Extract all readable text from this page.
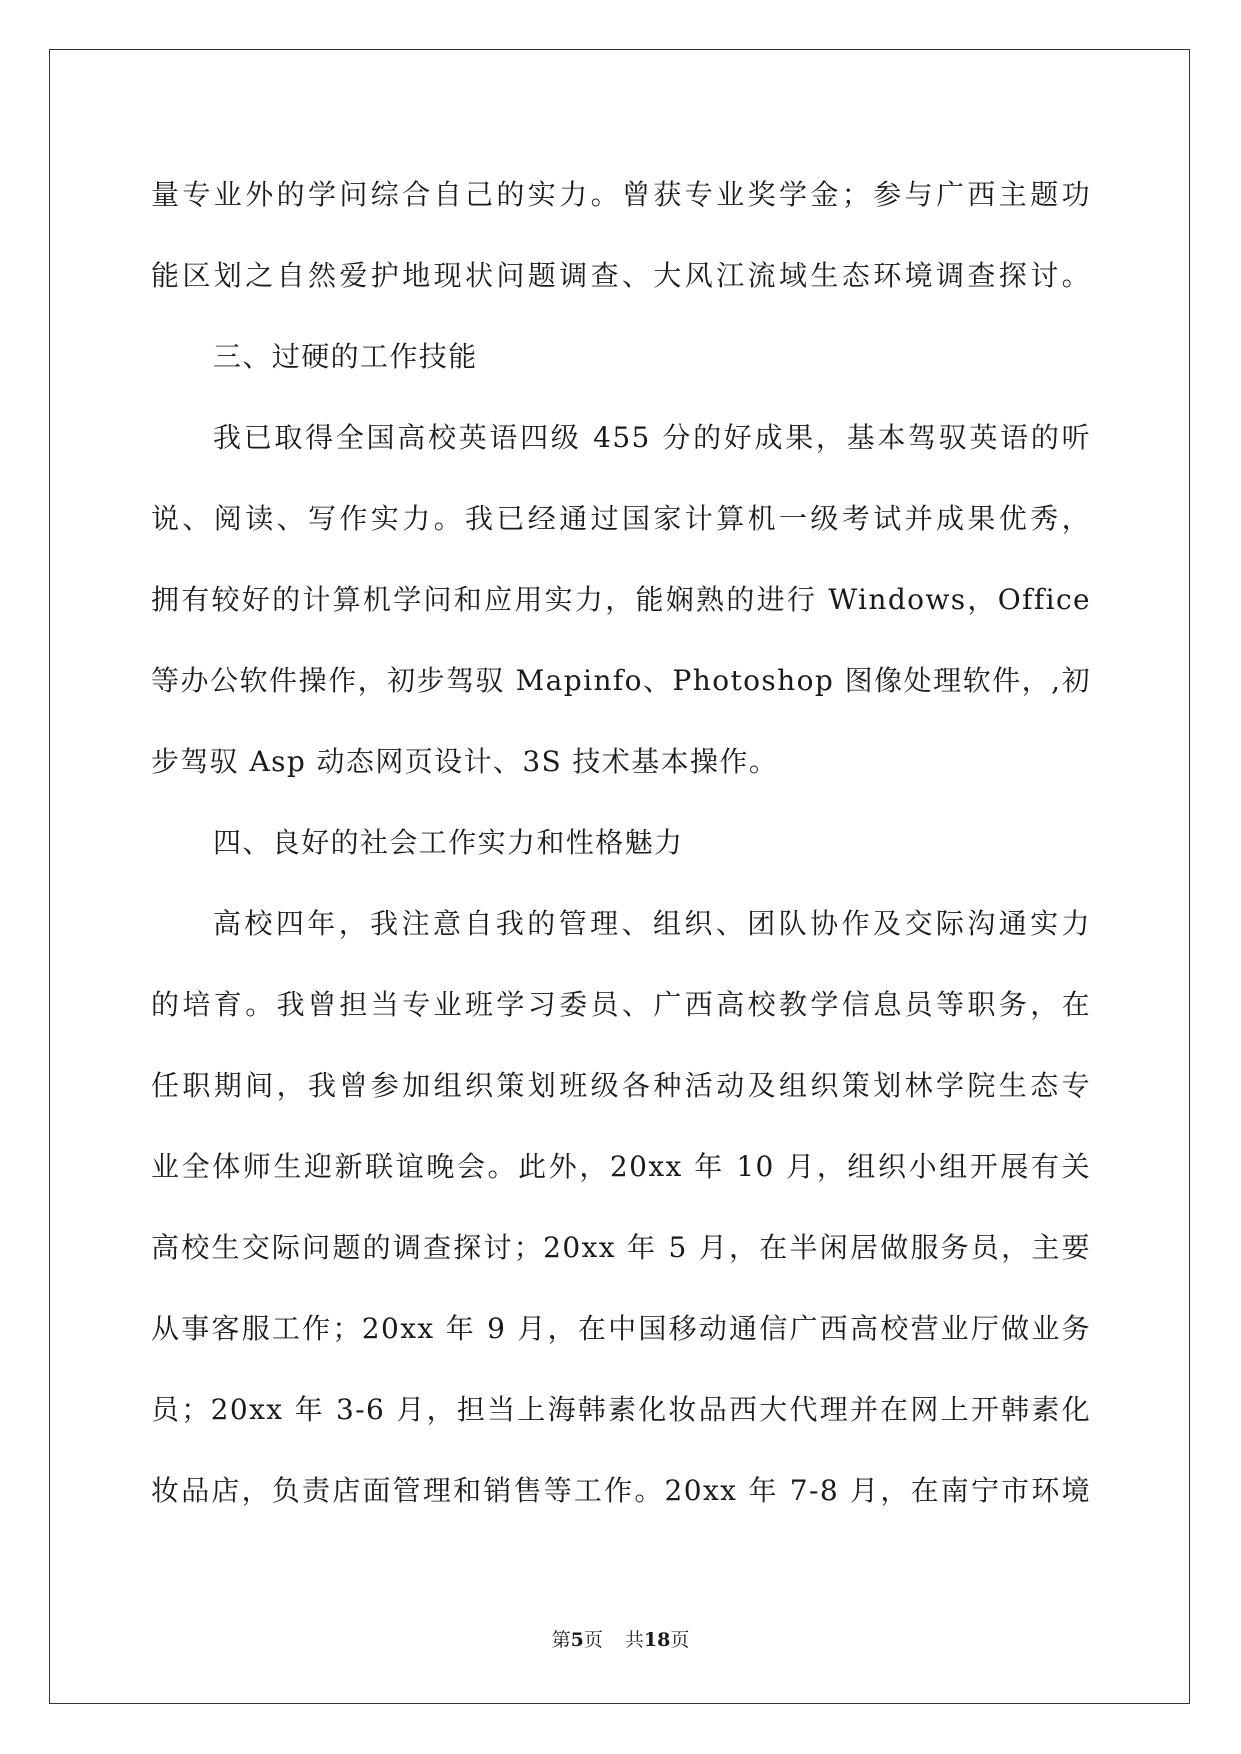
量专业外的学问综合自己的实力。曾获专业奖学金；参与广西主题功
能区划之自然爱护地现状问题调查、大风江流域生态环境调查探讨。
三、过硬的工作技能
我已取得全国高校英语四级 455 分的好成果，基本驾驭英语的听
说、阅读、写作实力。我已经通过国家计算机一级考试并成果优秀，
拥有较好的计算机学问和应用实力，能娴熟的进行 Windows，Office
等办公软件操作，初步驾驭 Mapinfo、Photoshop 图像处理软件，,初
步驾驭 Asp 动态网页设计、3S 技术基本操作。
四、良好的社会工作实力和性格魅力
高校四年，我注意自我的管理、组织、团队协作及交际沟通实力
的培育。我曾担当专业班学习委员、广西高校教学信息员等职务，在
任职期间，我曾参加组织策划班级各种活动及组织策划林学院生态专
业全体师生迎新联谊晚会。此外，20xx 年 10 月，组织小组开展有关
高校生交际问题的调查探讨；20xx 年 5 月，在半闲居做服务员，主要
从事客服工作；20xx 年 9 月，在中国移动通信广西高校营业厅做业务
员；20xx 年 3-6 月，担当上海韩素化妆品西大代理并在网上开韩素化
妆品店，负责店面管理和销售等工作。20xx 年 7-8 月，在南宁市环境
第5页 共18页
